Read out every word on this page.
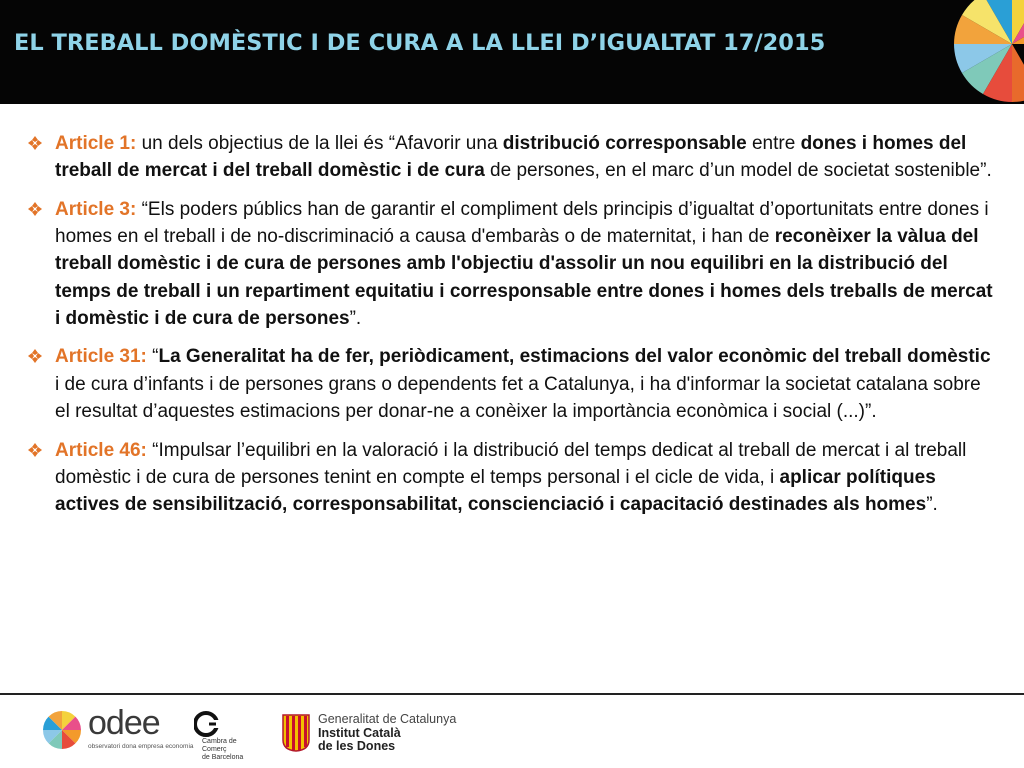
EL TREBALL DOMÈSTIC I DE CURA A LA LLEI D’IGUALTAT 17/2015

Article 1: un dels objectius de la llei és “Afavorir una distribució corresponsable entre dones i homes del treball de mercat i del treball domèstic i de cura de persones, en el marc d’un model de societat sostenible”.

Article 3: “Els poders públics han de garantir el compliment dels principis d’igualtat d’oportunitats entre dones i homes en el treball i de no-discriminació a causa d'embaràs o de maternitat, i han de reconèixer la vàlua del treball domèstic i de cura de persones amb l'objectiu d'assolir un nou equilibri en la distribució del temps de treball i un repartiment equitatiu i corresponsable entre dones i homes dels treballs de mercat i domèstic i de cura de persones”.

Article 31: “La Generalitat ha de fer, periòdicament, estimacions del valor econòmic del treball domèstic i de cura d’infants i de persones grans o dependents fet a Catalunya, i ha d'informar la societat catalana sobre el resultat d’aquestes estimacions per donar-ne a conèixer la importància econòmica i social (...)”.

Article 46: “Impulsar l’equilibri en la valoració i la distribució del temps dedicat al treball de mercat i al treball domèstic i de cura de persones tenint en compte el temps personal i el cicle de vida, i aplicar polítiques actives de sensibilització, corresponsabilitat, conscienciació i capacitació destinades als homes”.

odee
observatori dona empresa economia
Cambra de Comerç
de Barcelona
Generalitat de Catalunya
Institut Català
de les Dones
